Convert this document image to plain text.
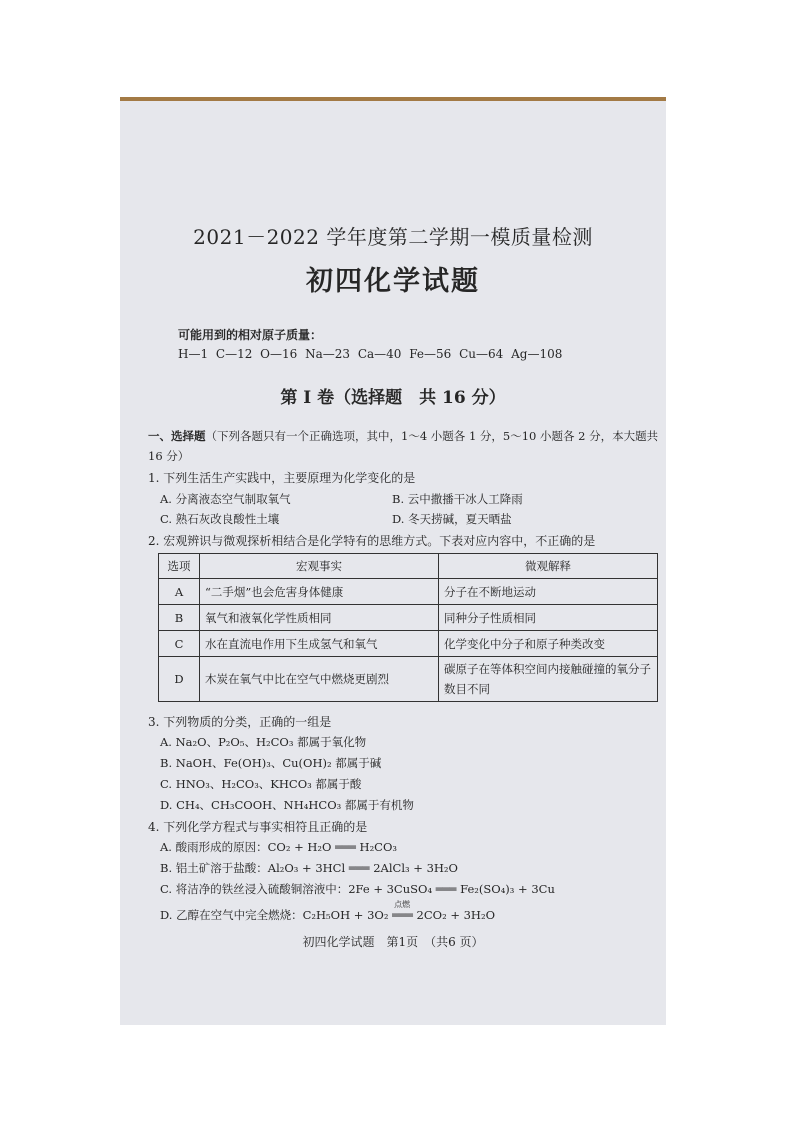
2021－2022 学年度第二学期一模质量检测
初四化学试题
可能用到的相对原子质量：
H—1 C—12 O—16 Na—23 Ca—40 Fe—56 Cu—64 Ag—108
第 I 卷（选择题　共 16 分）
一、选择题（下列各题只有一个正确选项，其中，1～4 小题各 1 分，5～10 小题各 2 分，本大题共 16 分）
1. 下列生活生产实践中，主要原理为化学变化的是
A. 分离液态空气制取氧气	B. 云中撒播干冰人工降雨
C. 熟石灰改良酸性土壤	D. 冬天捞碱，夏天晒盐
2. 宏观辨识与微观探析相结合是化学特有的思维方式。下表对应内容中，不正确的是
选项	宏观事实	微观解释
A	“二手烟”也会危害身体健康	分子在不断地运动
B	氧气和液氧化学性质相同	同种分子性质相同
C	水在直流电作用下生成氢气和氧气	化学变化中分子和原子种类改变
D	木炭在氧气中比在空气中燃烧更剧烈	碳原子在等体积空间内接触碰撞的氧分子数目不同
3. 下列物质的分类，正确的一组是
A. Na₂O、P₂O₅、H₂CO₃ 都属于氧化物
B. NaOH、Fe(OH)₃、Cu(OH)₂ 都属于碱
C. HNO₃、H₂CO₃、KHCO₃ 都属于酸
D. CH₄、CH₃COOH、NH₄HCO₃ 都属于有机物
4. 下列化学方程式与事实相符且正确的是
A. 酸雨形成的原因：CO₂ + H₂O ═══ H₂CO₃
B. 铝土矿溶于盐酸：Al₂O₃ + 3HCl ═══ 2AlCl₃ + 3H₂O
C. 将洁净的铁丝浸入硫酸铜溶液中：2Fe + 3CuSO₄ ═══ Fe₂(SO₄)₃ + 3Cu
D. 乙醇在空气中完全燃烧：C₂H₅OH + 3O₂
点燃
═══ 2CO₂ + 3H₂O
初四化学试题　第1页　（共6 页）
